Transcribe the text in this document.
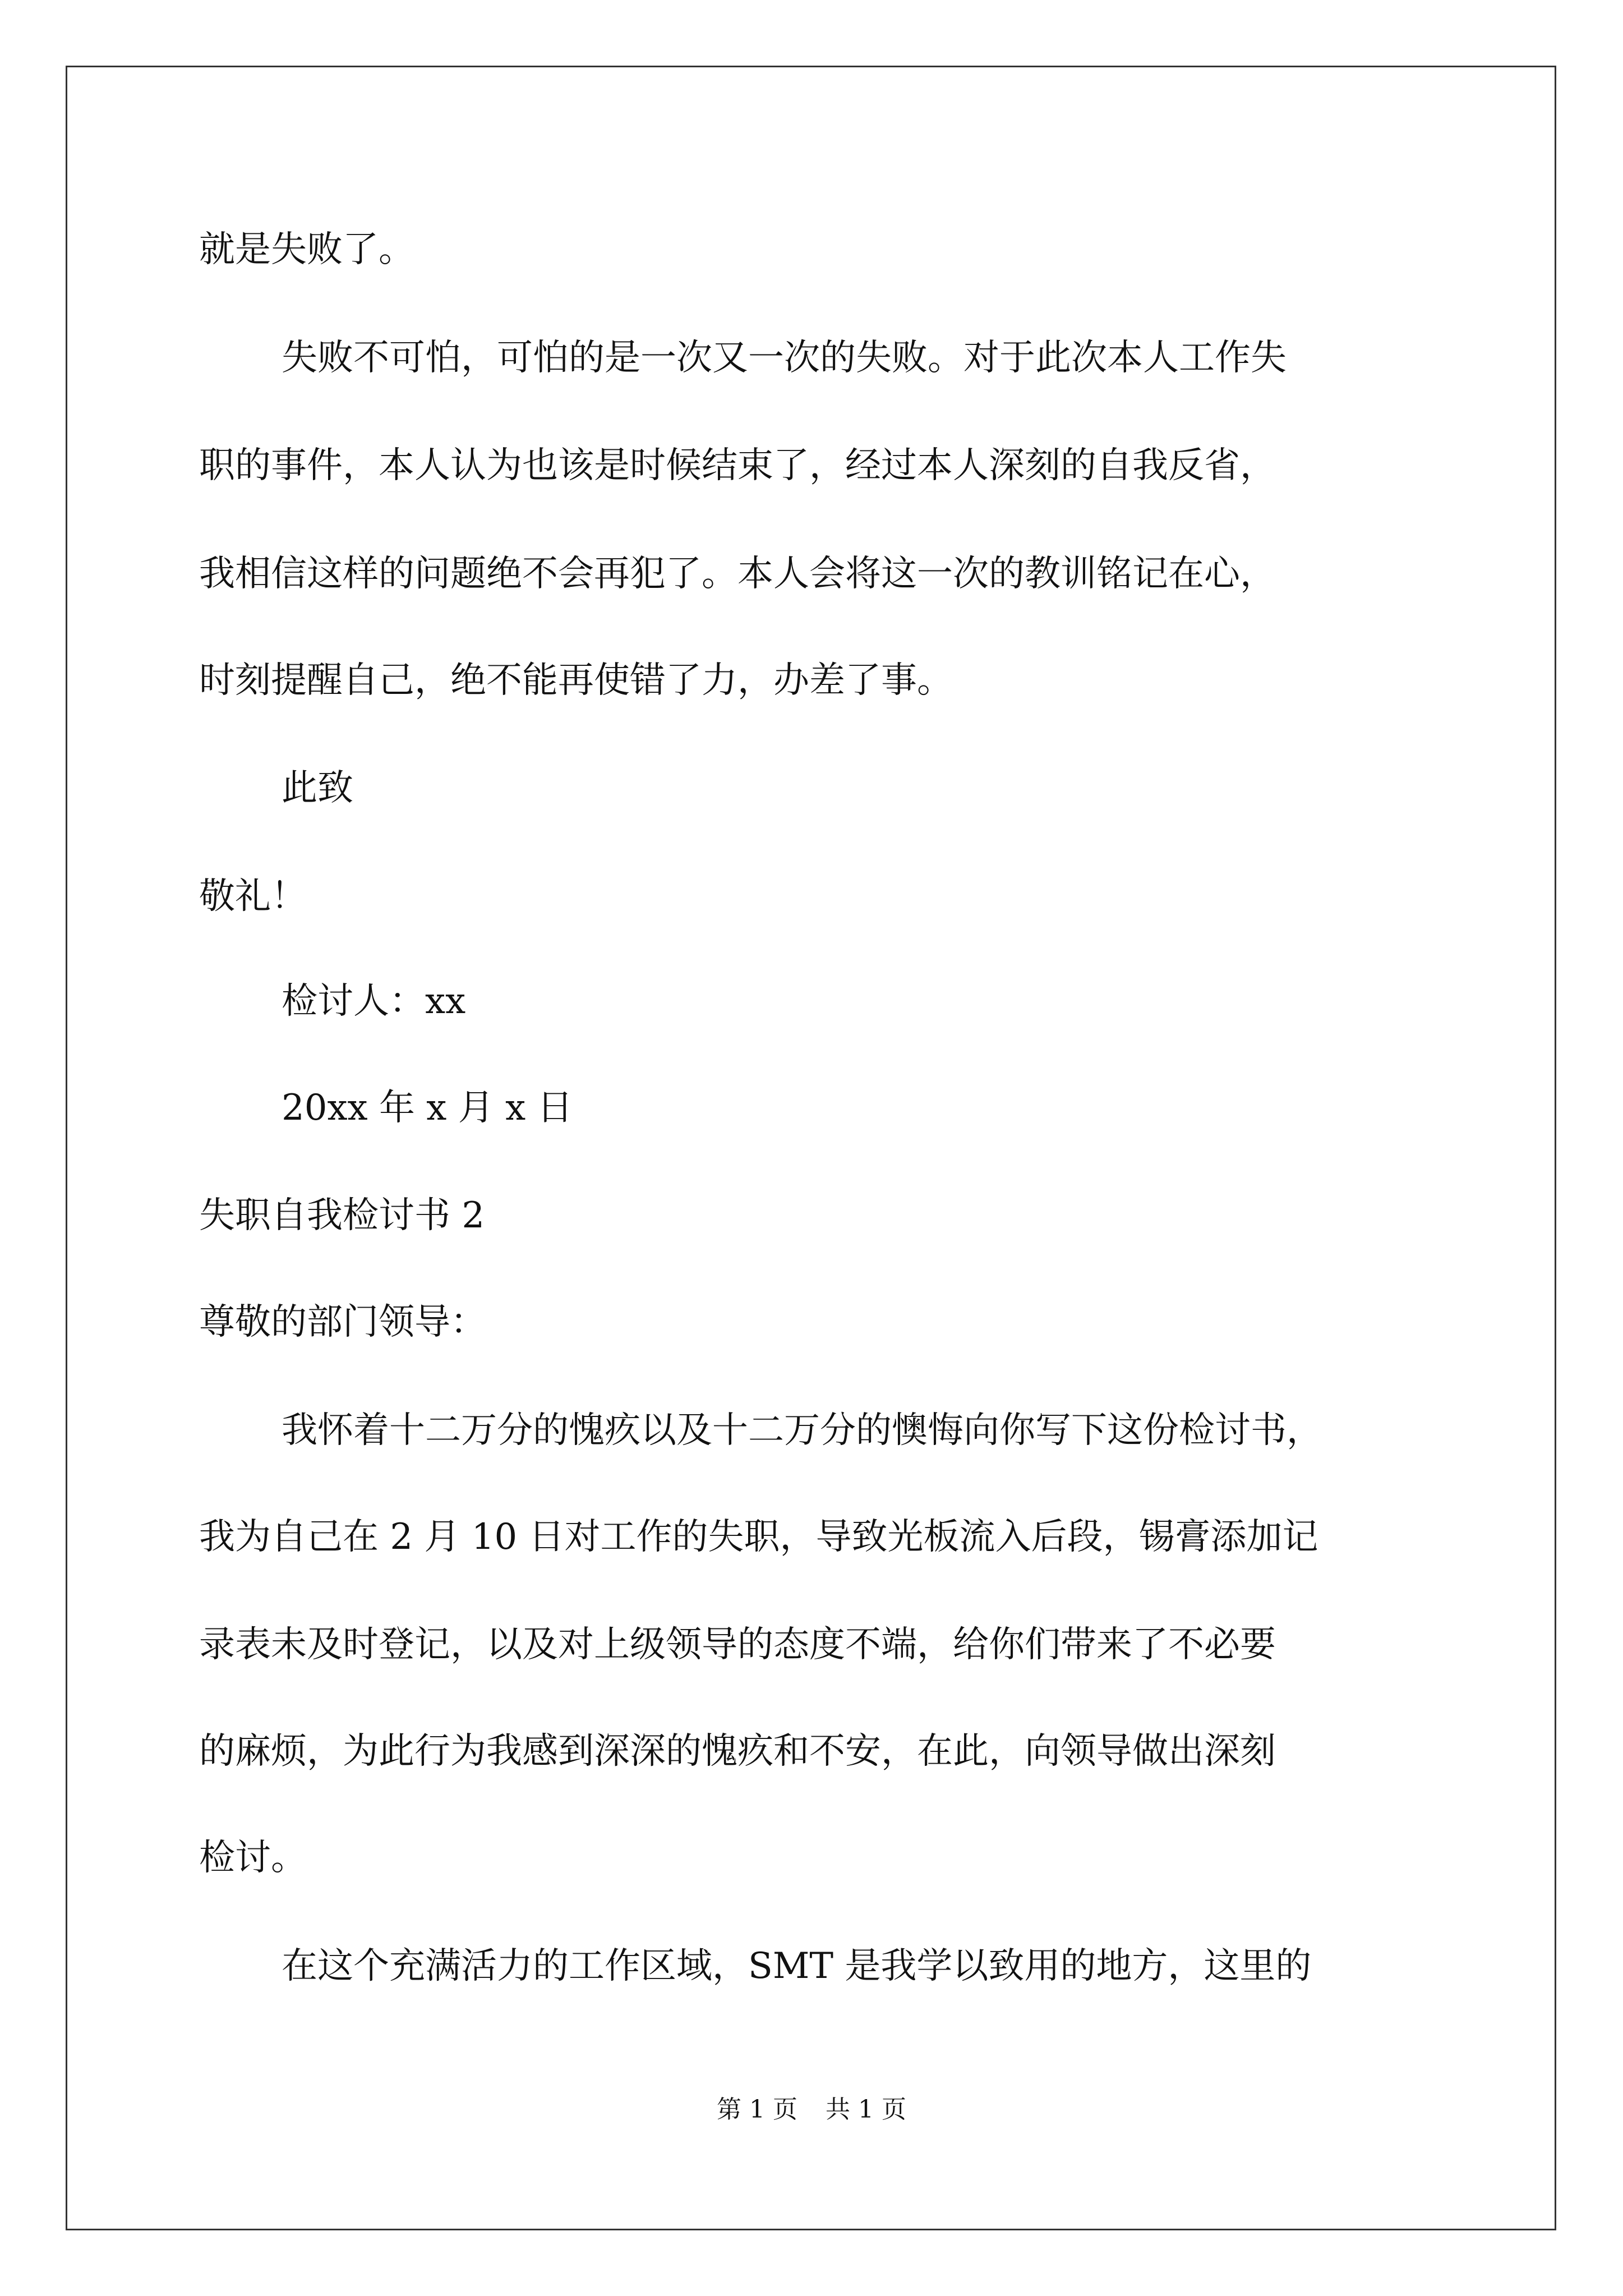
就是失败了。
失败不可怕，可怕的是一次又一次的失败。对于此次本人工作失
职的事件，本人认为也该是时候结束了，经过本人深刻的自我反省，
我相信这样的问题绝不会再犯了。本人会将这一次的教训铭记在心，
时刻提醒自己，绝不能再使错了力，办差了事。
此致
敬礼！
检讨人：xx
20xx 年 x 月 x 日
失职自我检讨书 2
尊敬的部门领导：
我怀着十二万分的愧疚以及十二万分的懊悔向你写下这份检讨书，
我为自己在 2 月 10 日对工作的失职，导致光板流入后段，锡膏添加记
录表未及时登记，以及对上级领导的态度不端，给你们带来了不必要
的麻烦，为此行为我感到深深的愧疚和不安，在此，向领导做出深刻
检讨。
在这个充满活力的工作区域，SMT 是我学以致用的地方，这里的
第 1 页 共 1 页
